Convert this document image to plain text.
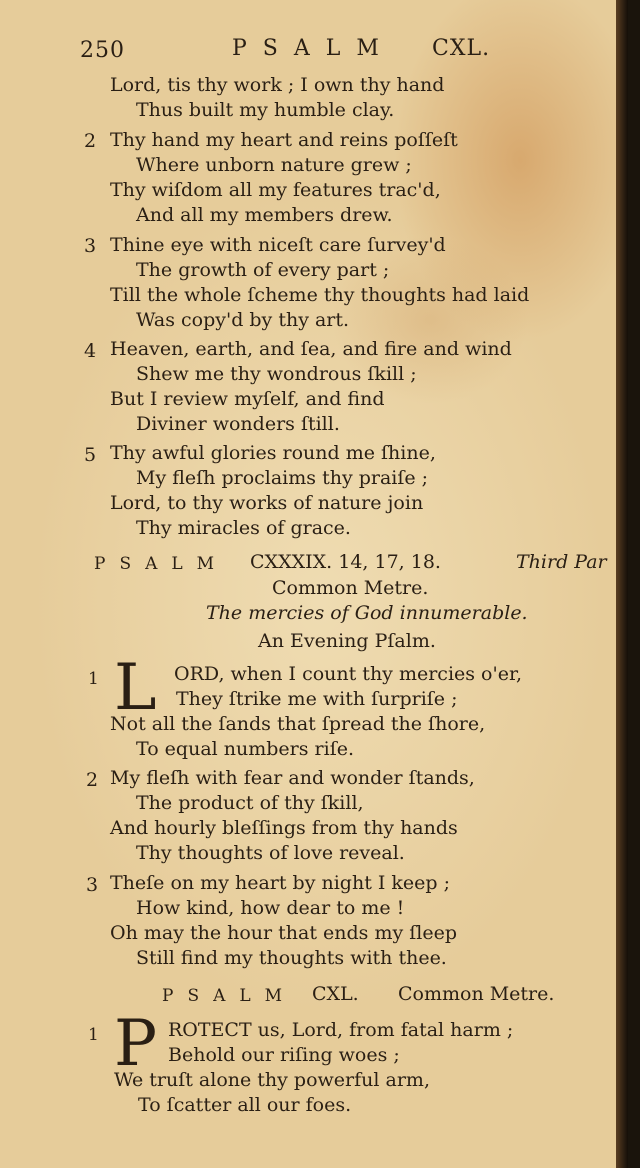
250	PSALM CXL.
Lord, tis thy work ; I own thy hand
Thus built my humble clay.
2 Thy hand my heart and reins poſſeſt
Where unborn nature grew ;
Thy wiſdom all my features trac'd,
And all my members drew.
3 Thine eye with niceſt care ſurvey'd
The growth of every part ;
Till the whole ſcheme thy thoughts had laid
Was copy'd by thy art.
4 Heaven, earth, and ſea, and fire and wind
Shew me thy wondrous ſkill ;
But I review myſelf, and find
Diviner wonders ſtill.
5 Thy awful glories round me ſhine,
My fleſh proclaims thy praiſe ;
Lord, to thy works of nature join
Thy miracles of grace.
PSALM CXXXIX. 14, 17, 18.	Third Par
Common Metre.
The mercies of God innumerable.
An Evening Pſalm.
1 L ORD, when I count thy mercies o'er,
They ſtrike me with ſurpriſe ;
Not all the ſands that ſpread the ſhore,
To equal numbers riſe.
2 My fleſh with fear and wonder ſtands,
The product of thy ſkill,
And hourly bleſſings from thy hands
Thy thoughts of love reveal.
3 Theſe on my heart by night I keep ;
How kind, how dear to me !
Oh may the hour that ends my ſleep
Still find my thoughts with thee.
PSALM CXL. Common Metre.
1 P ROTECT us, Lord, from fatal harm ;
Behold our riſing woes ;
We truſt alone thy powerful arm,
To ſcatter all our foes.
